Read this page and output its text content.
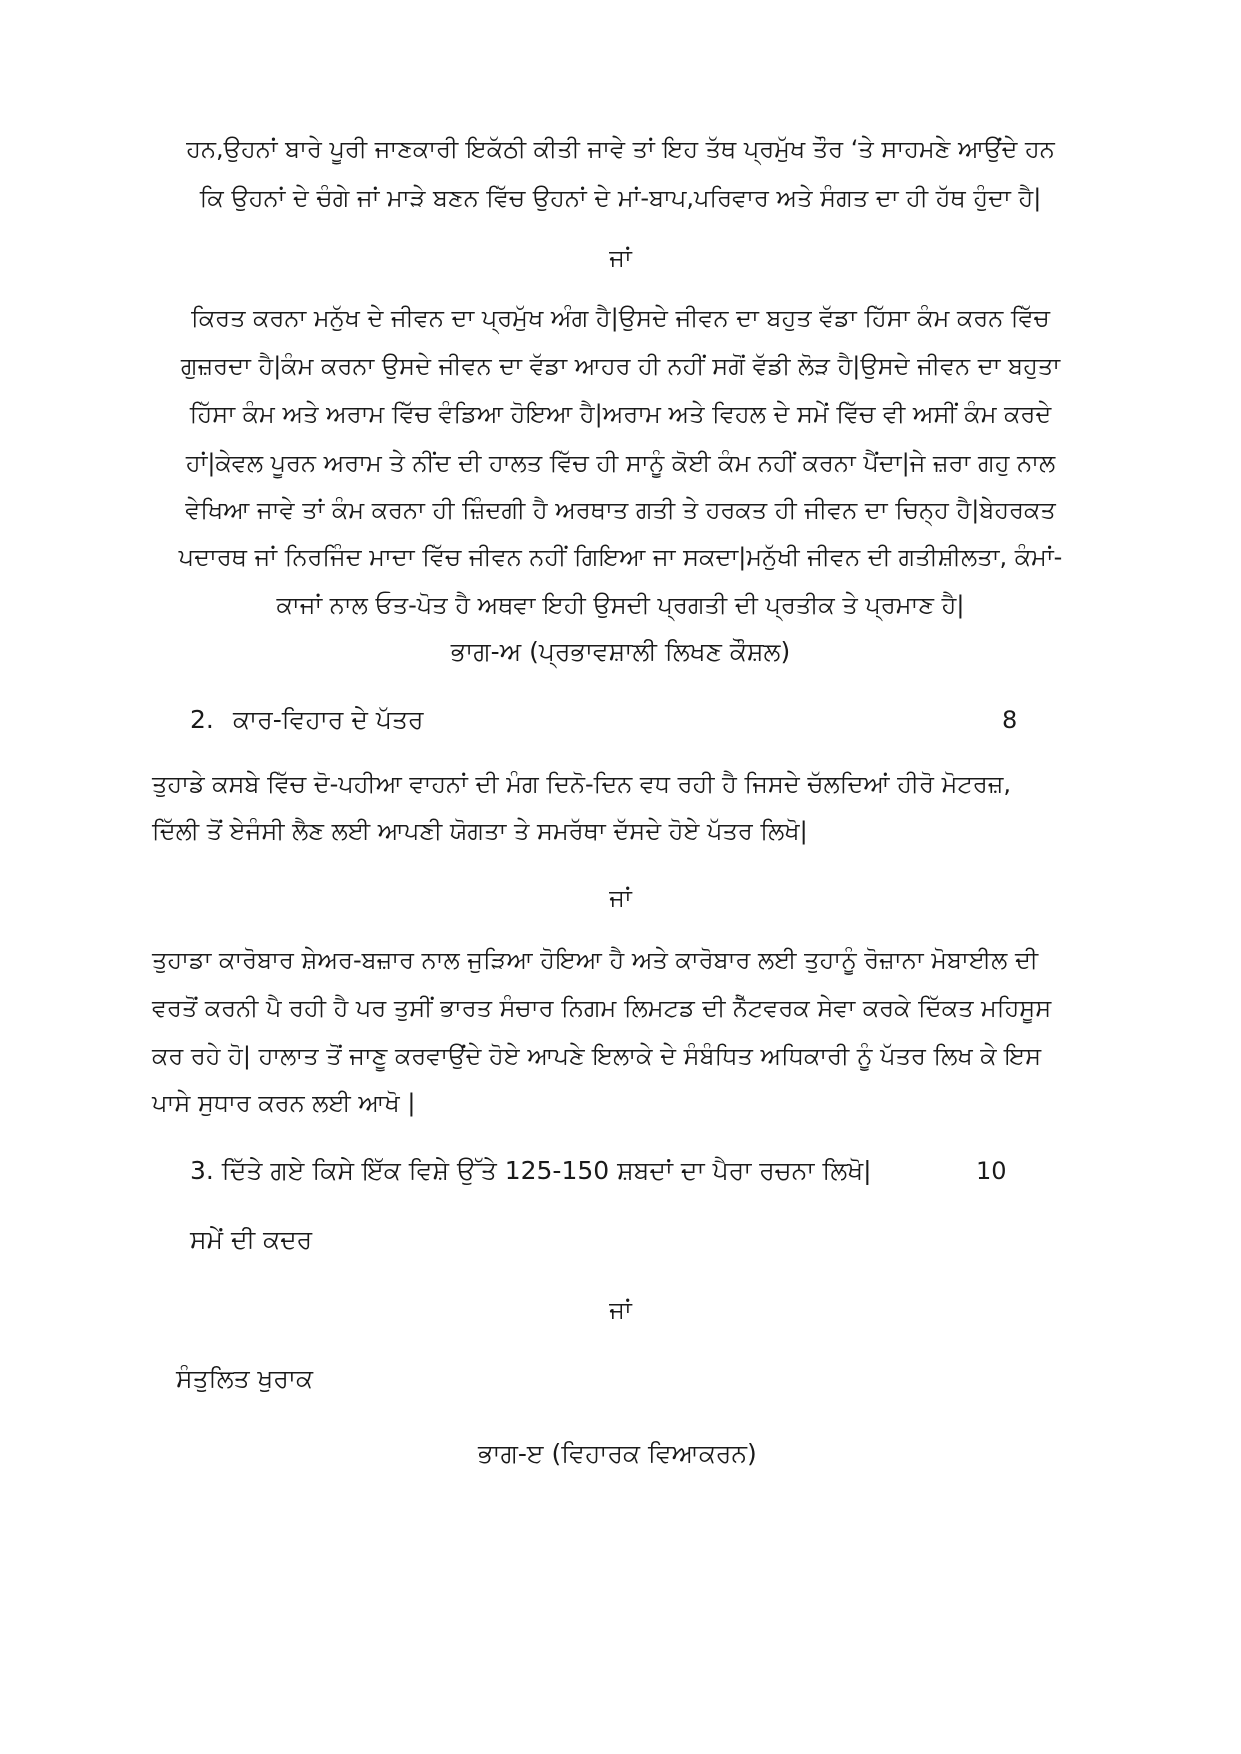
ਹਨ,ਉਹਨਾਂ ਬਾਰੇ ਪੂਰੀ ਜਾਣਕਾਰੀ ਇਕੱਠੀ ਕੀਤੀ ਜਾਵੇ ਤਾਂ ਇਹ ਤੱਥ ਪ੍ਰਮੁੱਖ ਤੌਰ ‘ਤੇ ਸਾਹਮਣੇ ਆਉਂਦੇ ਹਨ
ਕਿ ਉਹਨਾਂ ਦੇ ਚੰਗੇ ਜਾਂ ਮਾੜੇ ਬਣਨ ਵਿੱਚ ਉਹਨਾਂ ਦੇ ਮਾਂ-ਬਾਪ,ਪਰਿਵਾਰ ਅਤੇ ਸੰਗਤ ਦਾ ਹੀ ਹੱਥ ਹੁੰਦਾ ਹੈ|
ਜਾਂ
ਕਿਰਤ ਕਰਨਾ ਮਨੁੱਖ ਦੇ ਜੀਵਨ ਦਾ ਪ੍ਰਮੁੱਖ ਅੰਗ ਹੈ|ਉਸਦੇ ਜੀਵਨ ਦਾ ਬਹੁਤ ਵੱਡਾ ਹਿੱਸਾ ਕੰਮ ਕਰਨ ਵਿੱਚ
ਗੁਜ਼ਰਦਾ ਹੈ|ਕੰਮ ਕਰਨਾ ਉਸਦੇ ਜੀਵਨ ਦਾ ਵੱਡਾ ਆਹਰ ਹੀ ਨਹੀਂ ਸਗੋਂ ਵੱਡੀ ਲੋੜ ਹੈ|ਉਸਦੇ ਜੀਵਨ ਦਾ ਬਹੁਤਾ
ਹਿੱਸਾ ਕੰਮ ਅਤੇ ਅਰਾਮ ਵਿੱਚ ਵੰਡਿਆ ਹੋਇਆ ਹੈ|ਅਰਾਮ ਅਤੇ ਵਿਹਲ ਦੇ ਸਮੇਂ ਵਿੱਚ ਵੀ ਅਸੀਂ ਕੰਮ ਕਰਦੇ
ਹਾਂ|ਕੇਵਲ ਪੂਰਨ ਅਰਾਮ ਤੇ ਨੀਂਦ ਦੀ ਹਾਲਤ ਵਿੱਚ ਹੀ ਸਾਨੂੰ ਕੋਈ ਕੰਮ ਨਹੀਂ ਕਰਨਾ ਪੈਂਦਾ|ਜੇ ਜ਼ਰਾ ਗਹੁ ਨਾਲ
ਵੇਖਿਆ ਜਾਵੇ ਤਾਂ ਕੰਮ ਕਰਨਾ ਹੀ ਜ਼ਿੰਦਗੀ ਹੈ ਅਰਥਾਤ ਗਤੀ ਤੇ ਹਰਕਤ ਹੀ ਜੀਵਨ ਦਾ ਚਿਨ੍ਹ ਹੈ|ਬੇਹਰਕਤ
ਪਦਾਰਥ ਜਾਂ ਨਿਰਜਿੰਦ ਮਾਦਾ ਵਿੱਚ ਜੀਵਨ ਨਹੀਂ ਗਿਇਆ ਜਾ ਸਕਦਾ|ਮਨੁੱਖੀ ਜੀਵਨ ਦੀ ਗਤੀਸ਼ੀਲਤਾ, ਕੰਮਾਂ-
ਕਾਜਾਂ ਨਾਲ ਓਤ-ਪੋਤ ਹੈ ਅਥਵਾ ਇਹੀ ਉਸਦੀ ਪ੍ਰਗਤੀ ਦੀ ਪ੍ਰਤੀਕ ਤੇ ਪ੍ਰਮਾਣ ਹੈ|
ਭਾਗ-ਅ (ਪ੍ਰਭਾਵਸ਼ਾਲੀ ਲਿਖਣ ਕੌਸ਼ਲ)
2. ਕਾਰ-ਵਿਹਾਰ ਦੇ ਪੱਤਰ	8
ਤੁਹਾਡੇ ਕਸਬੇ ਵਿੱਚ ਦੋ-ਪਹੀਆ ਵਾਹਨਾਂ ਦੀ ਮੰਗ ਦਿਨੋ-ਦਿਨ ਵਧ ਰਹੀ ਹੈ ਜਿਸਦੇ ਚੱਲਦਿਆਂ ਹੀਰੋ ਮੋਟਰਜ਼,
ਦਿੱਲੀ ਤੋਂ ਏਜੰਸੀ ਲੈਣ ਲਈ ਆਪਣੀ ਯੋਗਤਾ ਤੇ ਸਮਰੱਥਾ ਦੱਸਦੇ ਹੋਏ ਪੱਤਰ ਲਿਖੋ|
ਜਾਂ
ਤੁਹਾਡਾ ਕਾਰੋਬਾਰ ਸ਼ੇਅਰ-ਬਜ਼ਾਰ ਨਾਲ ਜੁੜਿਆ ਹੋਇਆ ਹੈ ਅਤੇ ਕਾਰੋਬਾਰ ਲਈ ਤੁਹਾਨੂੰ ਰੋਜ਼ਾਨਾ ਮੋਬਾਈਲ ਦੀ
ਵਰਤੋਂ ਕਰਨੀ ਪੈ ਰਹੀ ਹੈ ਪਰ ਤੁਸੀਂ ਭਾਰਤ ਸੰਚਾਰ ਨਿਗਮ ਲਿਮਟਡ ਦੀ ਨੈੱਟਵਰਕ ਸੇਵਾ ਕਰਕੇ ਦਿੱਕਤ ਮਹਿਸੂਸ
ਕਰ ਰਹੇ ਹੋ| ਹਾਲਾਤ ਤੋਂ ਜਾਣੂ ਕਰਵਾਉਂਦੇ ਹੋਏ ਆਪਣੇ ਇਲਾਕੇ ਦੇ ਸੰਬੰਧਿਤ ਅਧਿਕਾਰੀ ਨੂੰ ਪੱਤਰ ਲਿਖ ਕੇ ਇਸ
ਪਾਸੇ ਸੁਧਾਰ ਕਰਨ ਲਈ ਆਖੋ |
3. ਦਿੱਤੇ ਗਏ ਕਿਸੇ ਇੱਕ ਵਿਸ਼ੇ ਉੱਤੇ 125-150 ਸ਼ਬਦਾਂ ਦਾ ਪੈਰਾ ਰਚਨਾ ਲਿਖੋ|	10
ਸਮੇਂ ਦੀ ਕਦਰ
ਜਾਂ
ਸੰਤੁਲਿਤ ਖੁਰਾਕ
ਭਾਗ-ੲ (ਵਿਹਾਰਕ ਵਿਆਕਰਨ)
